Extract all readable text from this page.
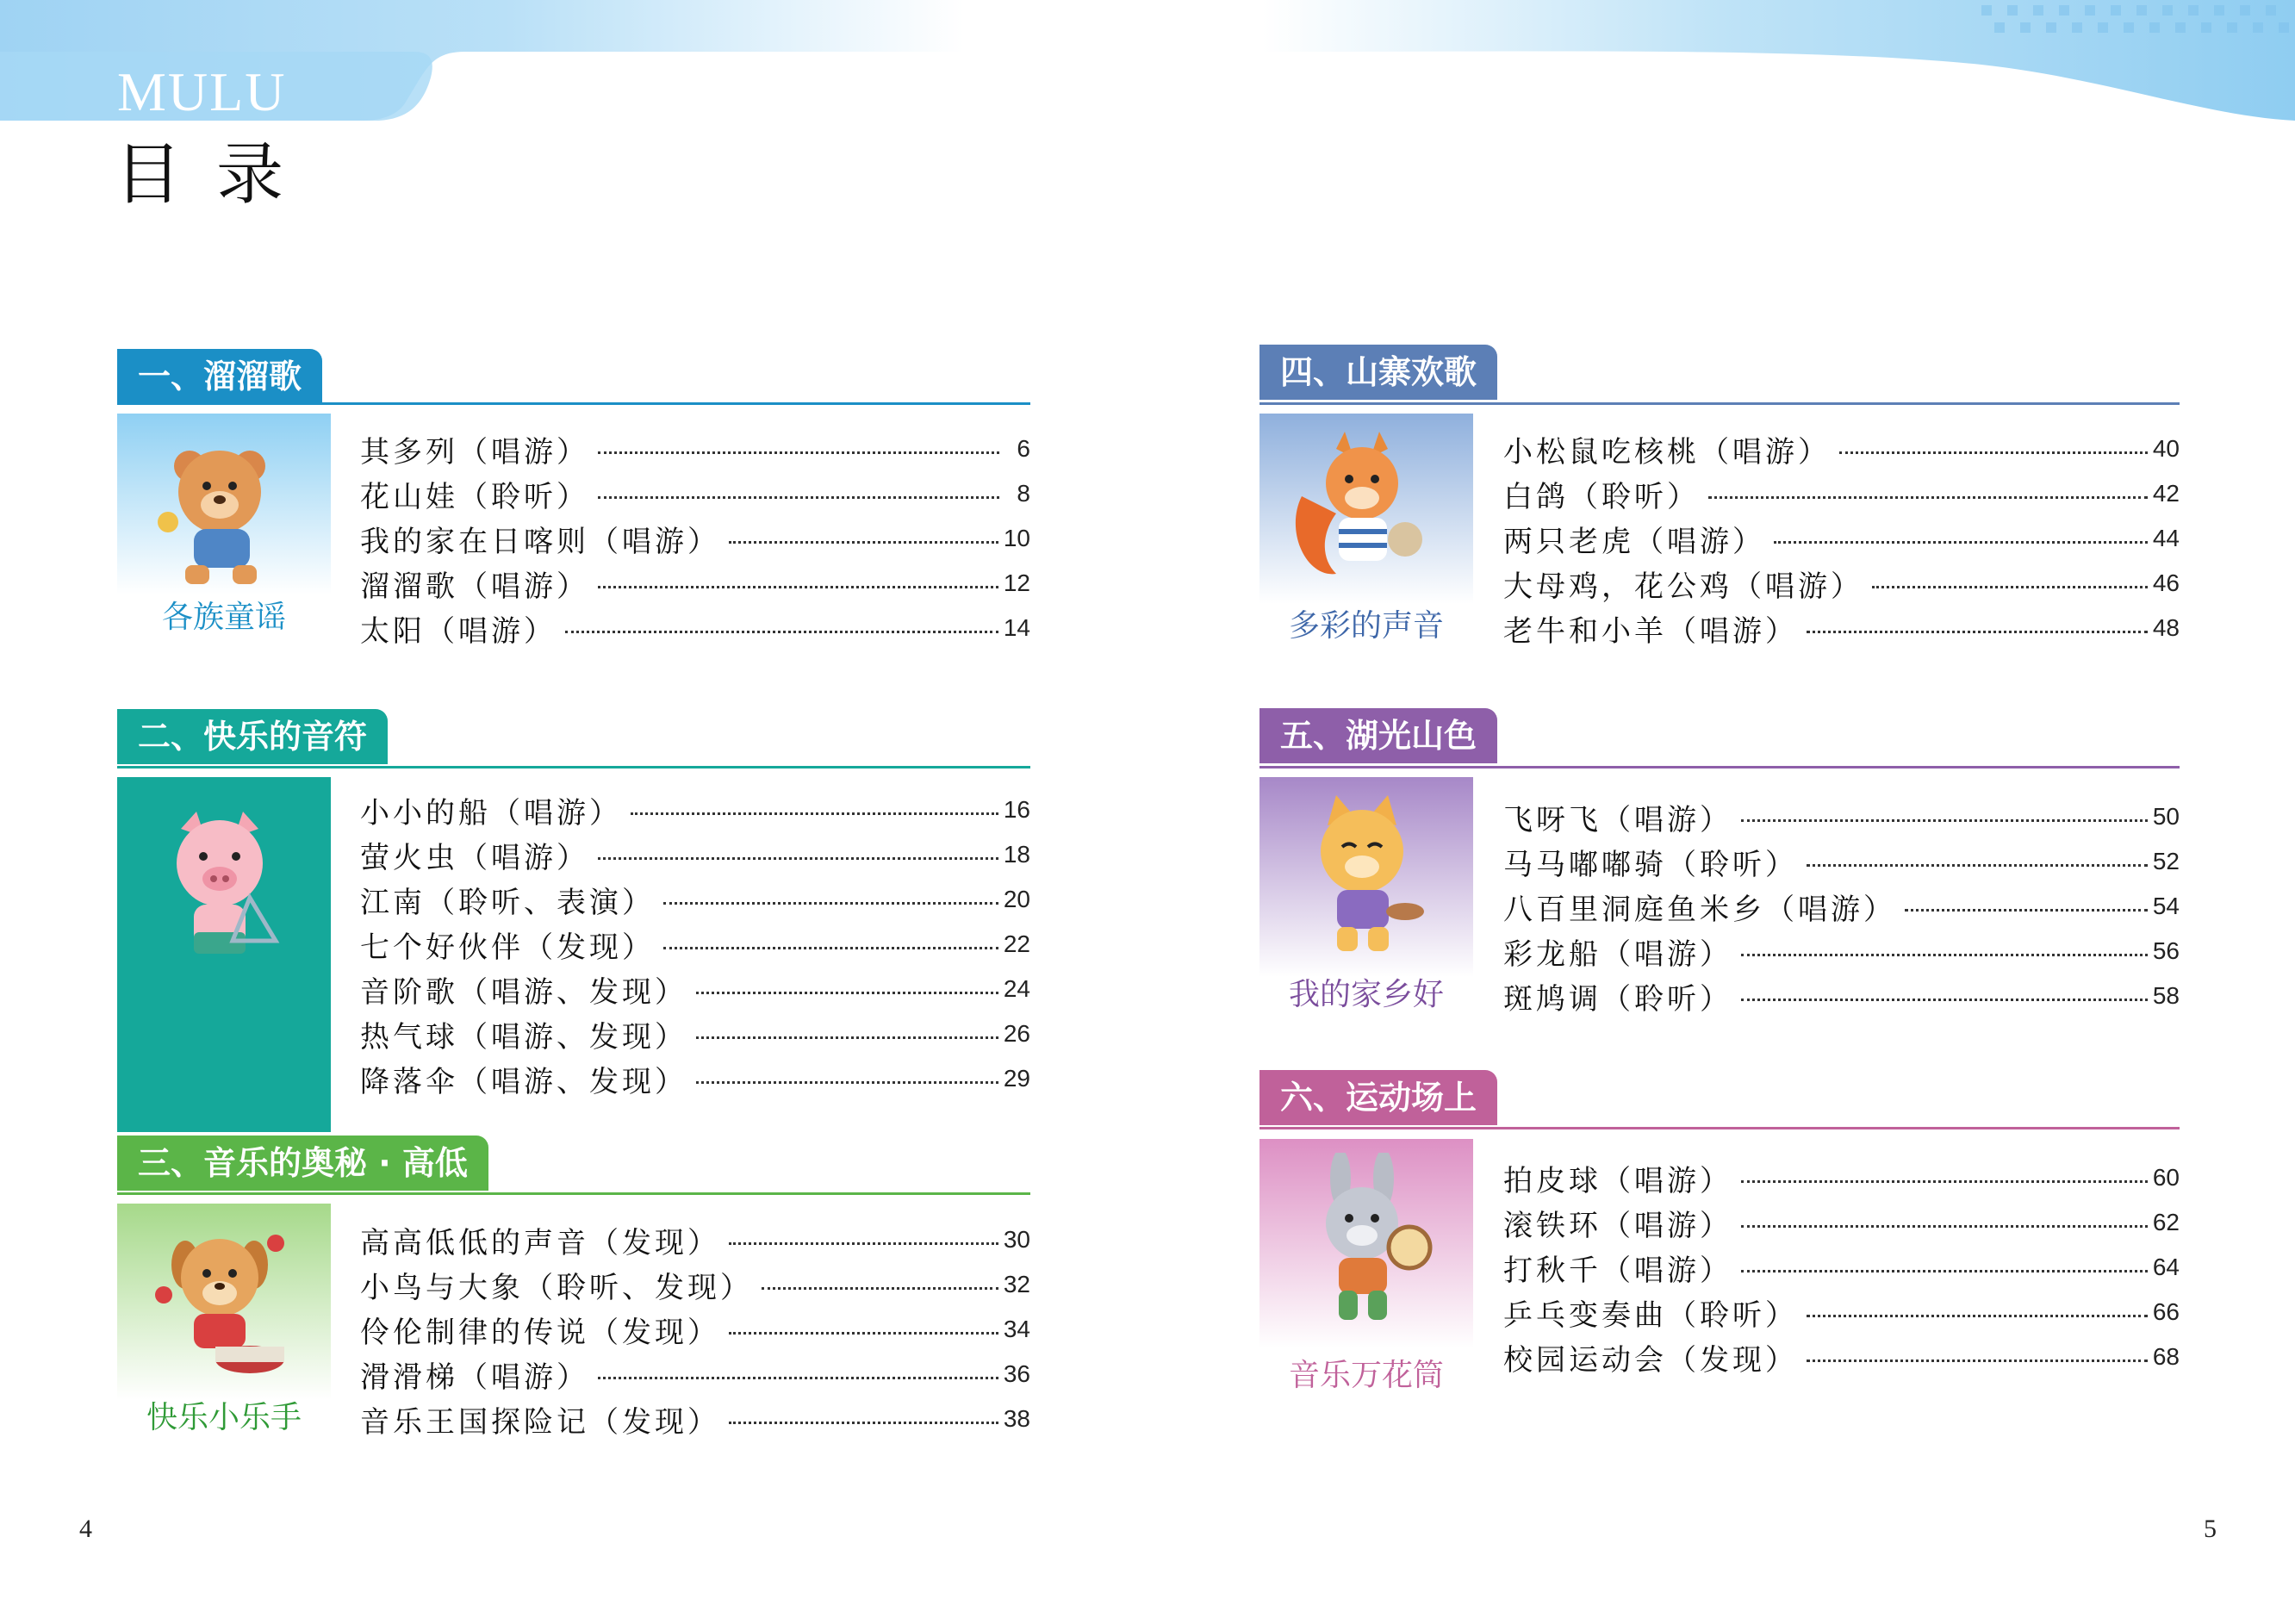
MULU
目录
一、溜溜歌
各族童谣
其多列（唱游）	6
花山娃（聆听）	8
我的家在日喀则（唱游）	10
溜溜歌（唱游）	12
太阳（唱游）	14
二、快乐的音符
小小的船（唱游）	16
萤火虫（唱游）	18
江南（聆听、表演）	20
七个好伙伴（发现）	22
音阶歌（唱游、发现）	24
热气球（唱游、发现）	26
降落伞（唱游、发现）	29
三、音乐的奥秘 · 高低
快乐小乐手
高高低低的声音（发现）	30
小鸟与大象（聆听、发现）	32
伶伦制律的传说（发现）	34
滑滑梯（唱游）	36
音乐王国探险记（发现）	38
四、山寨欢歌
多彩的声音
小松鼠吃核桃（唱游）	40
白鸽（聆听）	42
两只老虎（唱游）	44
大母鸡，花公鸡（唱游）	46
老牛和小羊（唱游）	48
五、湖光山色
我的家乡好
飞呀飞（唱游）	50
马马嘟嘟骑（聆听）	52
八百里洞庭鱼米乡（唱游）	54
彩龙船（唱游）	56
斑鸠调（聆听）	58
六、运动场上
音乐万花筒
拍皮球（唱游）	60
滚铁环（唱游）	62
打秋千（唱游）	64
乒乓变奏曲（聆听）	66
校园运动会（发现）	68
4	5
